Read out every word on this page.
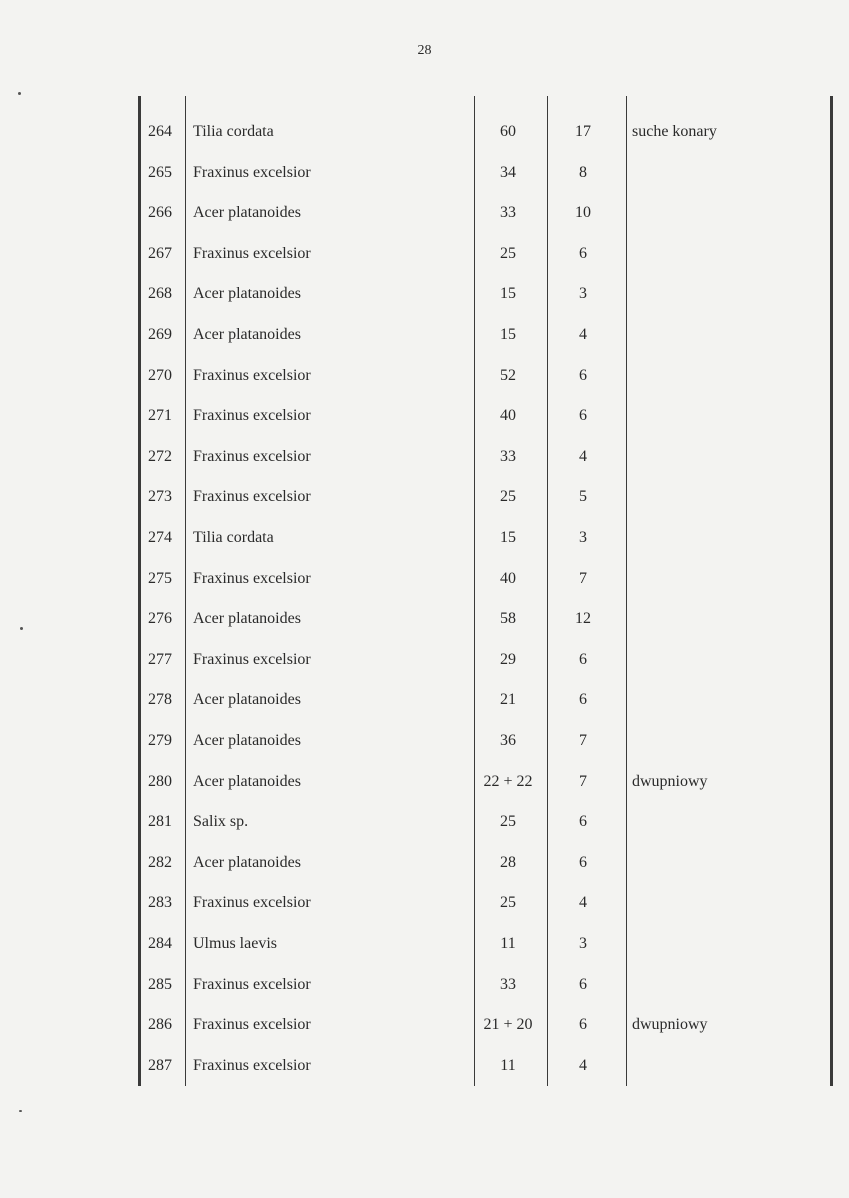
28
264	Tilia cordata	60	17	suche konary
265	Fraxinus excelsior	34	8
266	Acer platanoides	33	10
267	Fraxinus excelsior	25	6
268	Acer platanoides	15	3
269	Acer platanoides	15	4
270	Fraxinus excelsior	52	6
271	Fraxinus excelsior	40	6
272	Fraxinus excelsior	33	4
273	Fraxinus excelsior	25	5
274	Tilia cordata	15	3
275	Fraxinus excelsior	40	7
276	Acer platanoides	58	12
277	Fraxinus excelsior	29	6
278	Acer platanoides	21	6
279	Acer platanoides	36	7
280	Acer platanoides	22 + 22	7	dwupniowy
281	Salix sp.	25	6
282	Acer platanoides	28	6
283	Fraxinus excelsior	25	4
284	Ulmus laevis	11	3
285	Fraxinus excelsior	33	6
286	Fraxinus excelsior	21 + 20	6	dwupniowy
287	Fraxinus excelsior	11	4
